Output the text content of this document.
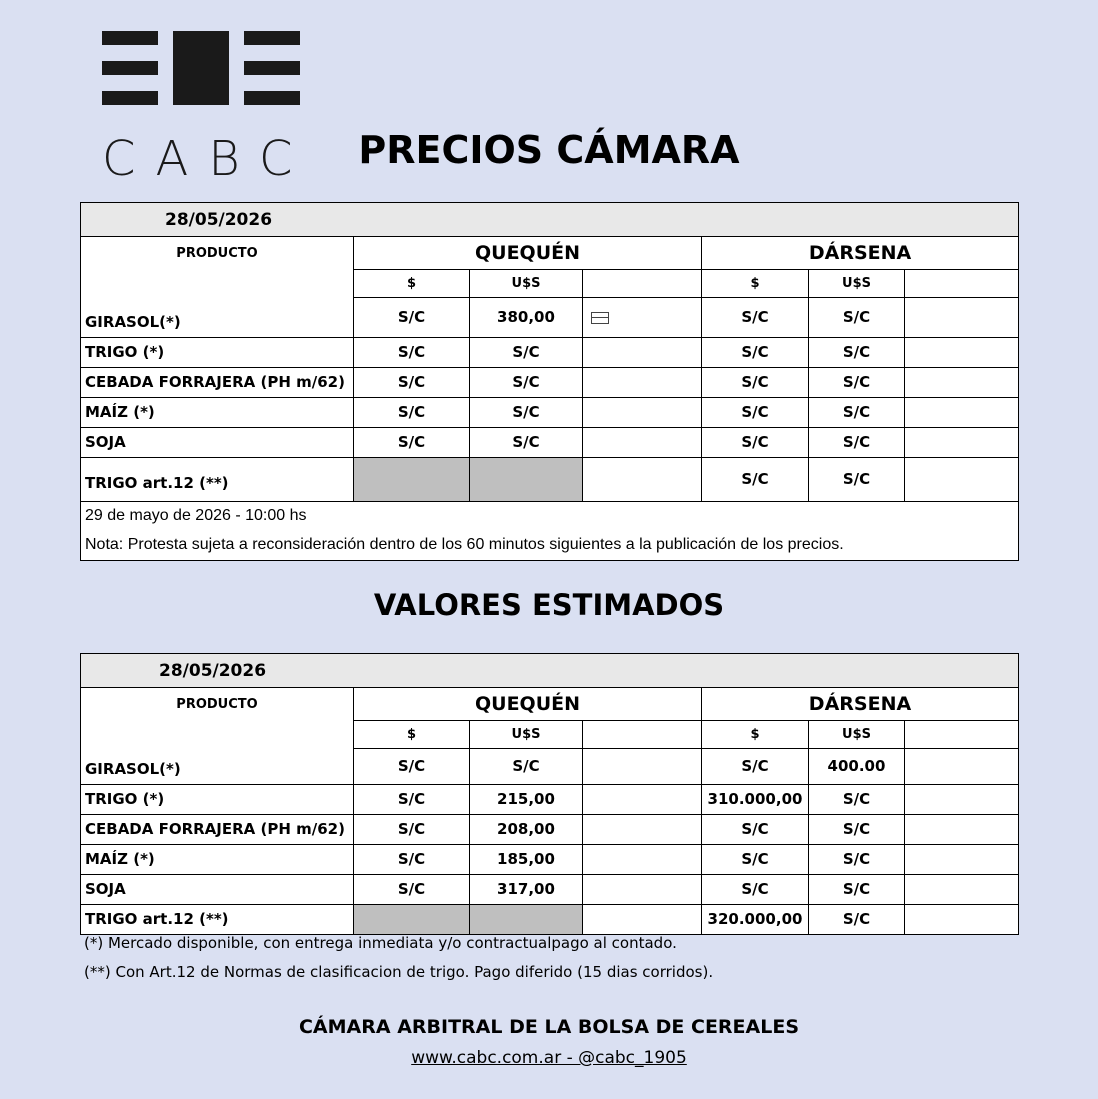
CABC	PRECIOS CÁMARA
28/05/2026						
PRODUCTO	QUEQUÉN			DÁRSENA		
	$	U$S		$	U$S	
GIRASOL(*)	S/C	380,00		S/C	S/C	
TRIGO (*)	S/C	S/C		S/C	S/C	
CEBADA FORRAJERA (PH m/62)	S/C	S/C		S/C	S/C	
MAÍZ (*)	S/C	S/C		S/C	S/C	
SOJA	S/C	S/C		S/C	S/C	
TRIGO art.12 (**)				S/C	S/C	
29 de mayo de 2026 - 10:00 hs						
Nota: Protesta sujeta a reconsideración dentro de los 60 minutos siguientes a la publicación de los precios.						
VALORES ESTIMADOS
28/05/2026						
PRODUCTO	QUEQUÉN			DÁRSENA		
	$	U$S		$	U$S	
GIRASOL(*)	S/C	S/C		S/C	400.00	
TRIGO (*)	S/C	215,00		310.000,00	S/C	
CEBADA FORRAJERA (PH m/62)	S/C	208,00		S/C	S/C	
MAÍZ (*)	S/C	185,00		S/C	S/C	
SOJA	S/C	317,00		S/C	S/C	
TRIGO art.12 (**)				320.000,00	S/C	
(*) Mercado disponible, con entrega inmediata y/o contractualpago al contado.
(**) Con Art.12 de Normas de clasificacion de trigo. Pago diferido (15 dias corridos).
CÁMARA ARBITRAL DE LA BOLSA DE CEREALES
www.cabc.com.ar - @cabc_1905
